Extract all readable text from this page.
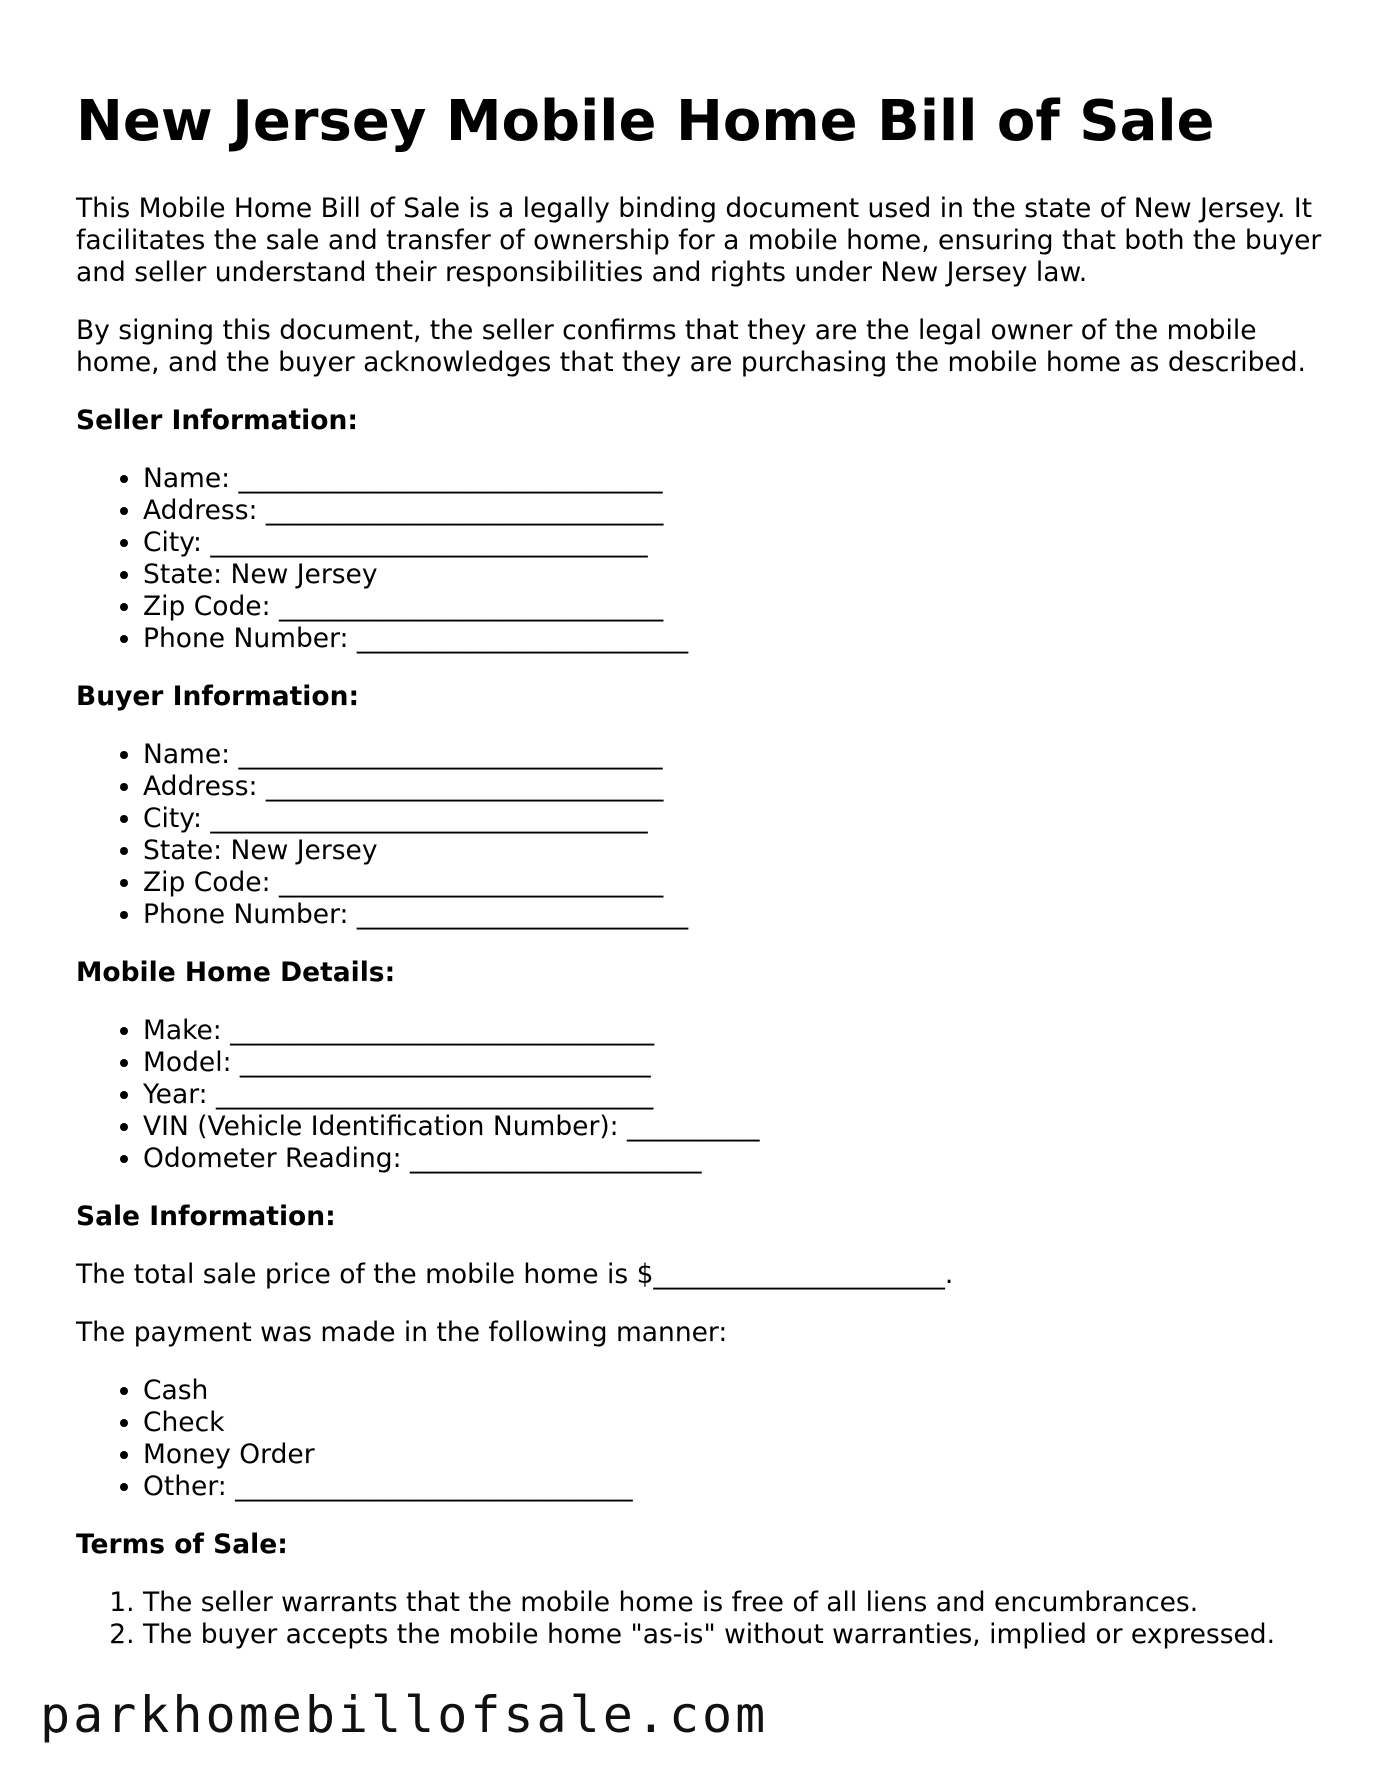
New Jersey Mobile Home Bill of Sale

This Mobile Home Bill of Sale is a legally binding document used in the state of New Jersey. It facilitates the sale and transfer of ownership for a mobile home, ensuring that both the buyer and seller understand their responsibilities and rights under New Jersey law.

By signing this document, the seller confirms that they are the legal owner of the mobile home, and the buyer acknowledges that they are purchasing the mobile home as described.

Seller Information:
• Name: ________________________________
• Address: ______________________________
• City: _________________________________
• State: New Jersey
• Zip Code: _____________________________
• Phone Number: _________________________
Buyer Information:
• Name: ________________________________
• Address: ______________________________
• City: _________________________________
• State: New Jersey
• Zip Code: _____________________________
• Phone Number: _________________________
Mobile Home Details:
• Make: ________________________________
• Model: _______________________________
• Year: _________________________________
• VIN (Vehicle Identification Number): __________
• Odometer Reading: ______________________
Sale Information:

The total sale price of the mobile home is $______________________.

The payment was made in the following manner:

• Cash
• Check
• Money Order
• Other: ______________________________
Terms of Sale:
1. The seller warrants that the mobile home is free of all liens and encumbrances.
2. The buyer accepts the mobile home "as-is" without warranties, implied or expressed.
parkhomebillofsale.com
